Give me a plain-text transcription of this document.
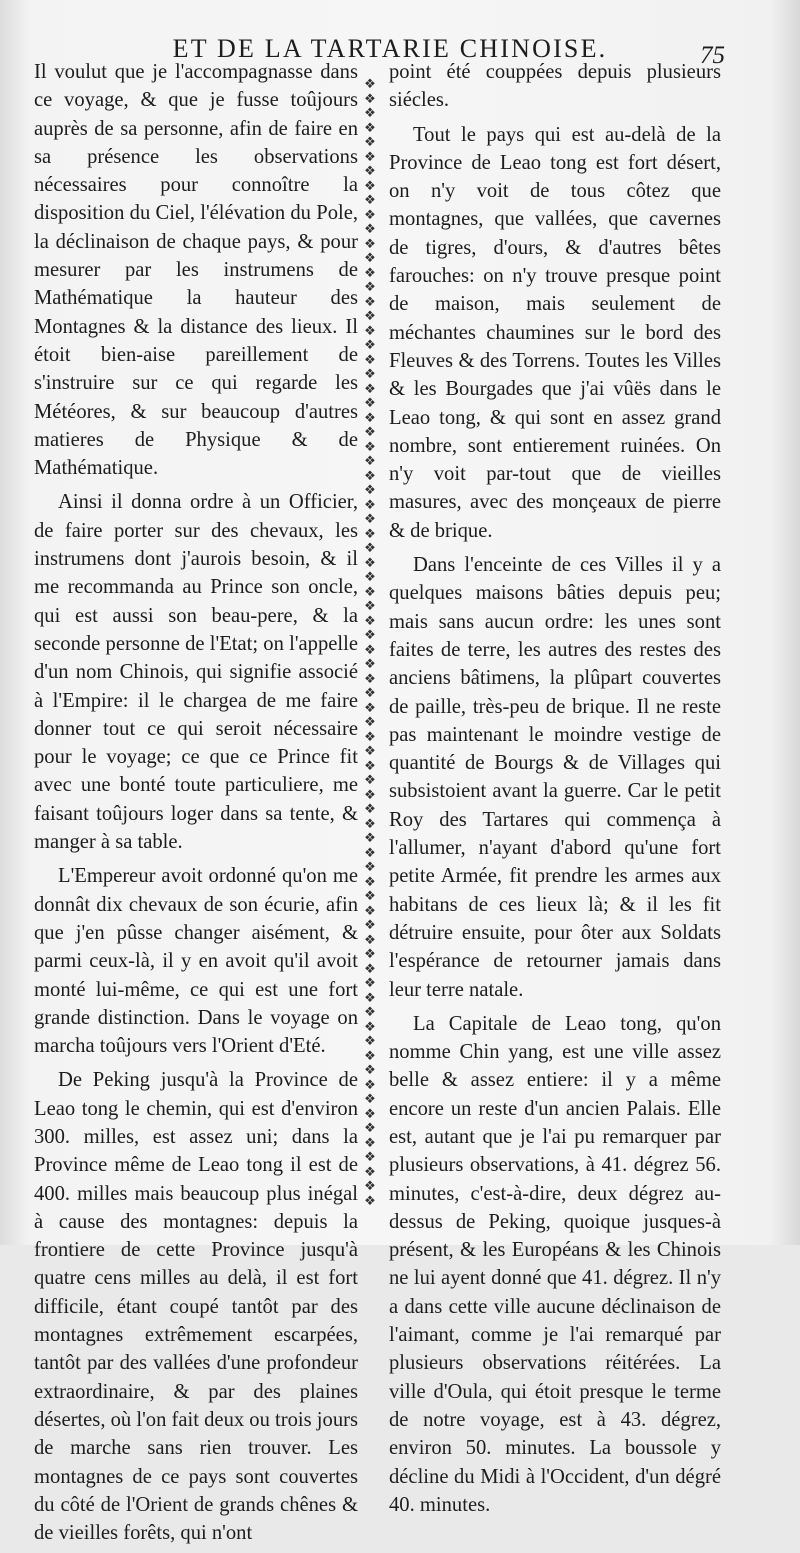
ET DE LA TARTARIE CHINOISE.	75

Il voulut que je l'accompagnasse dans ce voyage, & que je fusse toûjours auprès de sa personne, afin de faire en sa présence les observations nécessaires pour connoître la disposition du Ciel, l'élévation du Pole, la déclinaison de chaque pays, & pour mesurer par les instrumens de Mathématique la hauteur des Montagnes & la distance des lieux. Il étoit bien-aise pareillement de s'instruire sur ce qui regarde les Météores, & sur beaucoup d'autres matieres de Physique & de Mathématique.

Ainsi il donna ordre à un Officier, de faire porter sur des chevaux, les instrumens dont j'aurois besoin, & il me recommanda au Prince son oncle, qui est aussi son beau-pere, & la seconde personne de l'Etat; on l'appelle d'un nom Chinois, qui signifie associé à l'Empire: il le chargea de me faire donner tout ce qui seroit nécessaire pour le voyage; ce que ce Prince fit avec une bonté toute particuliere, me faisant toûjours loger dans sa tente, & manger à sa table.

L'Empereur avoit ordonné qu'on me donnât dix chevaux de son écurie, afin que j'en pûsse changer aisément, & parmi ceux-là, il y en avoit qu'il avoit monté lui-même, ce qui est une fort grande distinction. Dans le voyage on marcha toûjours vers l'Orient d'Eté.

De Peking jusqu'à la Province de Leao tong le chemin, qui est d'environ 300. milles, est assez uni; dans la Province même de Leao tong il est de 400. milles mais beaucoup plus inégal à cause des montagnes: depuis la frontiere de cette Province jusqu'à quatre cens milles au delà, il est fort difficile, étant coupé tantôt par des montagnes extrêmement escarpées, tantôt par des vallées d'une profondeur extraordinaire, & par des plaines désertes, où l'on fait deux ou trois jours de marche sans rien trouver. Les montagnes de ce pays sont couvertes du côté de l'Orient de grands chênes & de vieilles forêts, qui n'ont

❖
❖
❖
❖
❖
❖
❖
❖
❖
❖
❖
❖
❖
❖
❖
❖
❖
❖
❖
❖
❖
❖
❖
❖
❖
❖
❖
❖
❖
❖
❖
❖
❖
❖
❖
❖
❖
❖
❖
❖
❖
❖
❖
❖
❖
❖
❖
❖
❖
❖
❖
❖
❖
❖
❖
❖
❖
❖
❖
❖
❖
❖
❖
❖
❖
❖
❖
❖
❖
❖
❖
❖
❖
❖
❖
❖
❖
❖

point été couppées depuis plusieurs siécles.

Tout le pays qui est au-delà de la Province de Leao tong est fort désert, on n'y voit de tous côtez que montagnes, que vallées, que cavernes de tigres, d'ours, & d'autres bêtes farouches: on n'y trouve presque point de maison, mais seulement de méchantes chaumines sur le bord des Fleuves & des Torrens. Toutes les Villes & les Bourgades que j'ai vûës dans le Leao tong, & qui sont en assez grand nombre, sont entierement ruinées. On n'y voit par-tout que de vieilles masures, avec des monçeaux de pierre & de brique.

Dans l'enceinte de ces Villes il y a quelques maisons bâties depuis peu; mais sans aucun ordre: les unes sont faites de terre, les autres des restes des anciens bâtimens, la plûpart couvertes de paille, très-peu de brique. Il ne reste pas maintenant le moindre vestige de quantité de Bourgs & de Villages qui subsistoient avant la guerre. Car le petit Roy des Tartares qui commença à l'allumer, n'ayant d'abord qu'une fort petite Armée, fit prendre les armes aux habitans de ces lieux là; & il les fit détruire ensuite, pour ôter aux Soldats l'espérance de retourner jamais dans leur terre natale.

La Capitale de Leao tong, qu'on nomme Chin yang, est une ville assez belle & assez entiere: il y a même encore un reste d'un ancien Palais. Elle est, autant que je l'ai pu remarquer par plusieurs observations, à 41. dégrez 56. minutes, c'est-à-dire, deux dégrez au-dessus de Peking, quoique jusques-à présent, & les Européans & les Chinois ne lui ayent donné que 41. dégrez. Il n'y a dans cette ville aucune déclinaison de l'aimant, comme je l'ai remarqué par plusieurs observations réitérées. La ville d'Oula, qui étoit presque le terme de notre voyage, est à 43. dégrez, environ 50. minutes. La boussole y décline du Midi à l'Occident, d'un dégré 40. minutes.
